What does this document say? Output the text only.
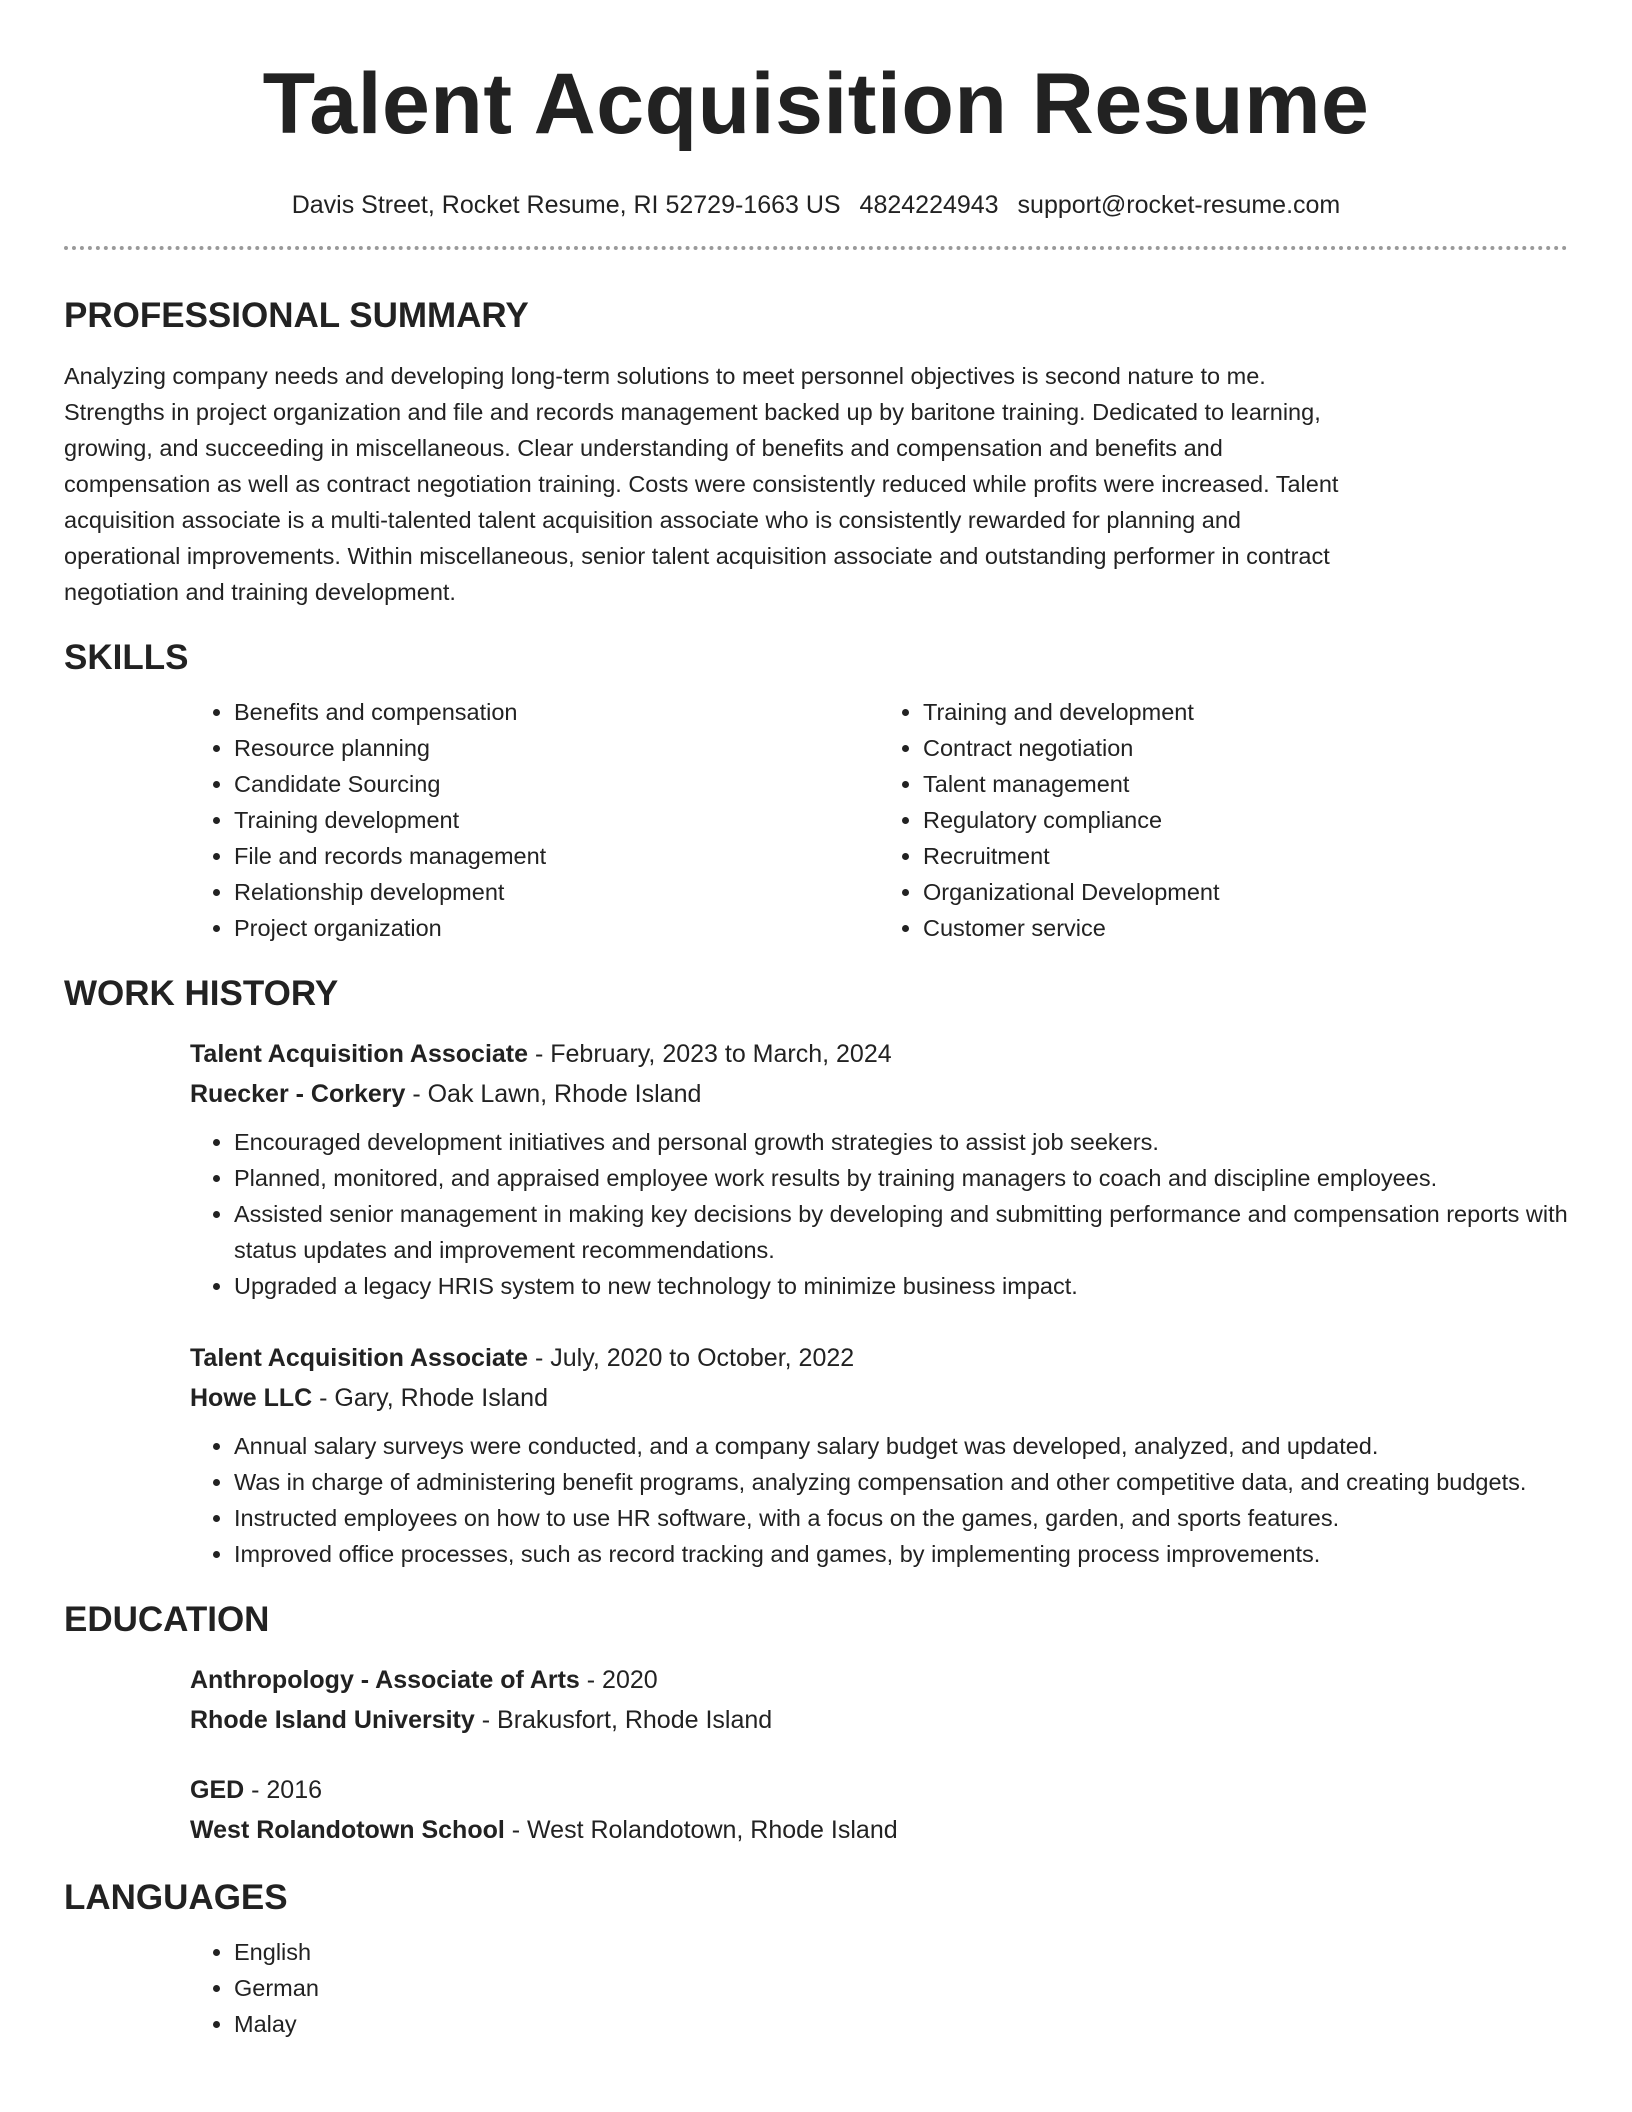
Talent Acquisition Resume
Davis Street, Rocket Resume, RI 52729-1663 US 4824224943 support@rocket-resume.com
PROFESSIONAL SUMMARY
Analyzing company needs and developing long-term solutions to meet personnel objectives is second nature to me.
Strengths in project organization and file and records management backed up by baritone training. Dedicated to learning,
growing, and succeeding in miscellaneous. Clear understanding of benefits and compensation and benefits and
compensation as well as contract negotiation training. Costs were consistently reduced while profits were increased. Talent
acquisition associate is a multi-talented talent acquisition associate who is consistently rewarded for planning and
operational improvements. Within miscellaneous, senior talent acquisition associate and outstanding performer in contract
negotiation and training development.
SKILLS
• Benefits and compensation
• Resource planning
• Candidate Sourcing
• Training development
• File and records management
• Relationship development
• Project organization
• Training and development
• Contract negotiation
• Talent management
• Regulatory compliance
• Recruitment
• Organizational Development
• Customer service
WORK HISTORY
Talent Acquisition Associate - February, 2023 to March, 2024
Ruecker - Corkery - Oak Lawn, Rhode Island
• Encouraged development initiatives and personal growth strategies to assist job seekers.
• Planned, monitored, and appraised employee work results by training managers to coach and discipline employees.
• Assisted senior management in making key decisions by developing and submitting performance and compensation reports with status updates and improvement recommendations.
• Upgraded a legacy HRIS system to new technology to minimize business impact.
Talent Acquisition Associate - July, 2020 to October, 2022
Howe LLC - Gary, Rhode Island
• Annual salary surveys were conducted, and a company salary budget was developed, analyzed, and updated.
• Was in charge of administering benefit programs, analyzing compensation and other competitive data, and creating budgets.
• Instructed employees on how to use HR software, with a focus on the games, garden, and sports features.
• Improved office processes, such as record tracking and games, by implementing process improvements.
EDUCATION
Anthropology - Associate of Arts - 2020
Rhode Island University - Brakusfort, Rhode Island
GED - 2016
West Rolandotown School - West Rolandotown, Rhode Island
LANGUAGES
• English
• German
• Malay
